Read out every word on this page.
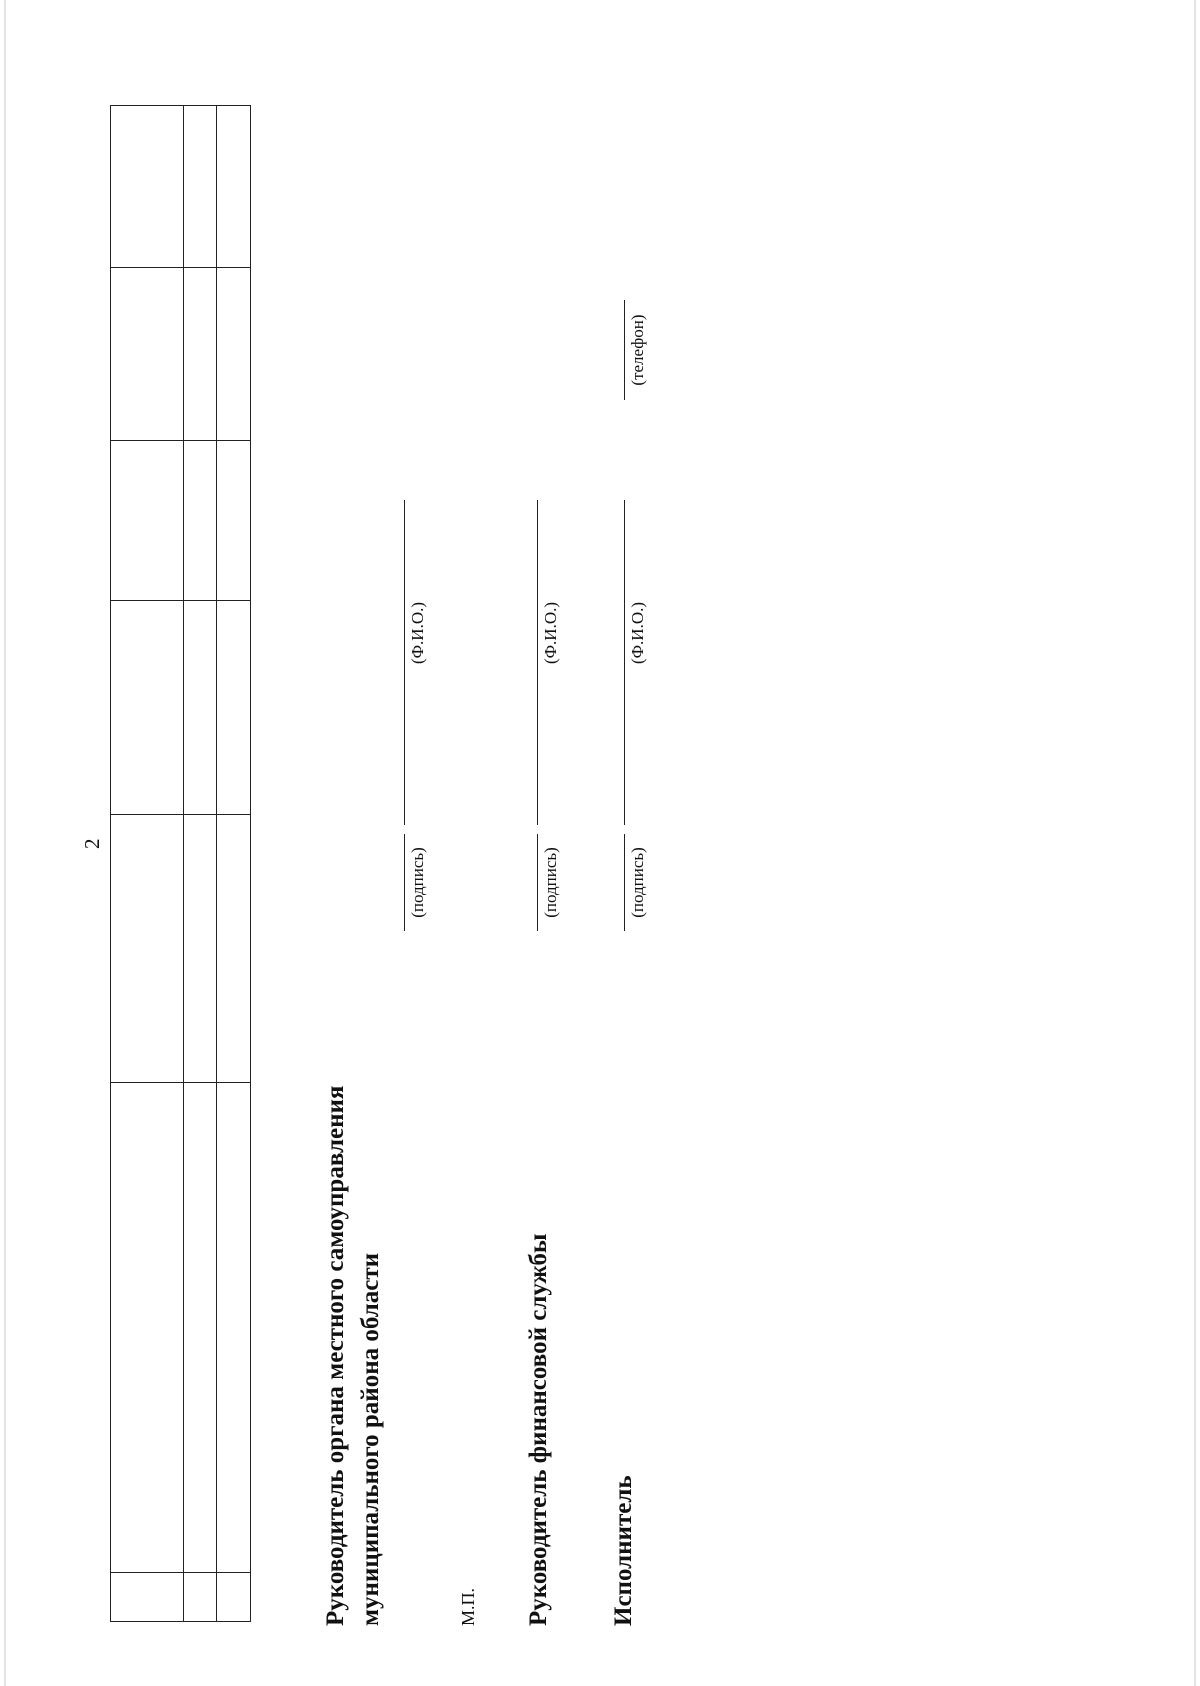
2

Руководитель органа местного самоуправления муниципального района области	М.П.
(подпись)
(Ф.И.О.)

Руководитель финансовой службы

(подпись)
(Ф.И.О.)

Исполнитель

(подпись)
(Ф.И.О.)
(телефон)
